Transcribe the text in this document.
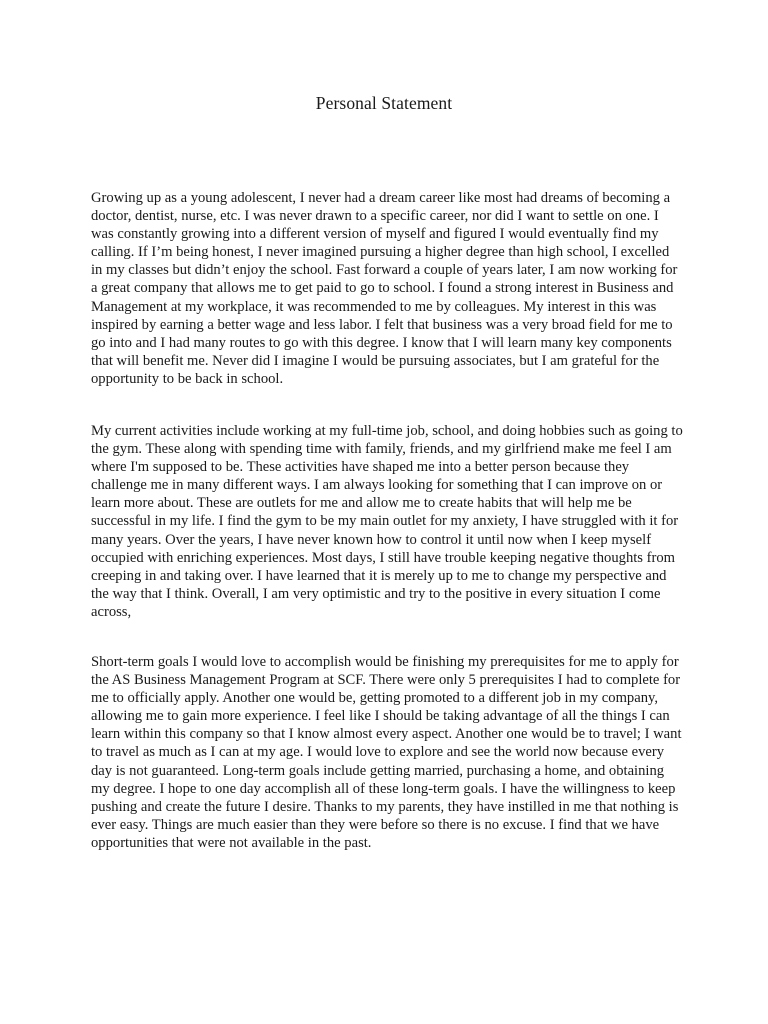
Personal Statement

Growing up as a young adolescent, I never had a dream career like most had dreams of becoming a doctor, dentist, nurse, etc. I was never drawn to a specific career, nor did I want to settle on one. I was constantly growing into a different version of myself and figured I would eventually find my calling. If I’m being honest, I never imagined pursuing a higher degree than high school, I excelled in my classes but didn’t enjoy the school. Fast forward a couple of years later, I am now working for a great company that allows me to get paid to go to school. I found a strong interest in Business and Management at my workplace, it was recommended to me by colleagues. My interest in this was inspired by earning a better wage and less labor. I felt that business was a very broad field for me to go into and I had many routes to go with this degree. I know that I will learn many key components that will benefit me. Never did I imagine I would be pursuing associates, but I am grateful for the opportunity to be back in school.

My current activities include working at my full-time job, school, and doing hobbies such as going to the gym. These along with spending time with family, friends, and my girlfriend make me feel I am where I'm supposed to be. These activities have shaped me into a better person because they challenge me in many different ways. I am always looking for something that I can improve on or learn more about. These are outlets for me and allow me to create habits that will help me be successful in my life. I find the gym to be my main outlet for my anxiety, I have struggled with it for many years. Over the years, I have never known how to control it until now when I keep myself occupied with enriching experiences. Most days, I still have trouble keeping negative thoughts from creeping in and taking over. I have learned that it is merely up to me to change my perspective and the way that I think. Overall, I am very optimistic and try to the positive in every situation I come across,

Short-term goals I would love to accomplish would be finishing my prerequisites for me to apply for the AS Business Management Program at SCF. There were only 5 prerequisites I had to complete for me to officially apply. Another one would be, getting promoted to a different job in my company, allowing me to gain more experience. I feel like I should be taking advantage of all the things I can learn within this company so that I know almost every aspect. Another one would be to travel; I want to travel as much as I can at my age. I would love to explore and see the world now because every day is not guaranteed. Long-term goals include getting married, purchasing a home, and obtaining my degree. I hope to one day accomplish all of these long-term goals. I have the willingness to keep pushing and create the future I desire. Thanks to my parents, they have instilled in me that nothing is ever easy. Things are much easier than they were before so there is no excuse. I find that we have opportunities that were not available in the past.
